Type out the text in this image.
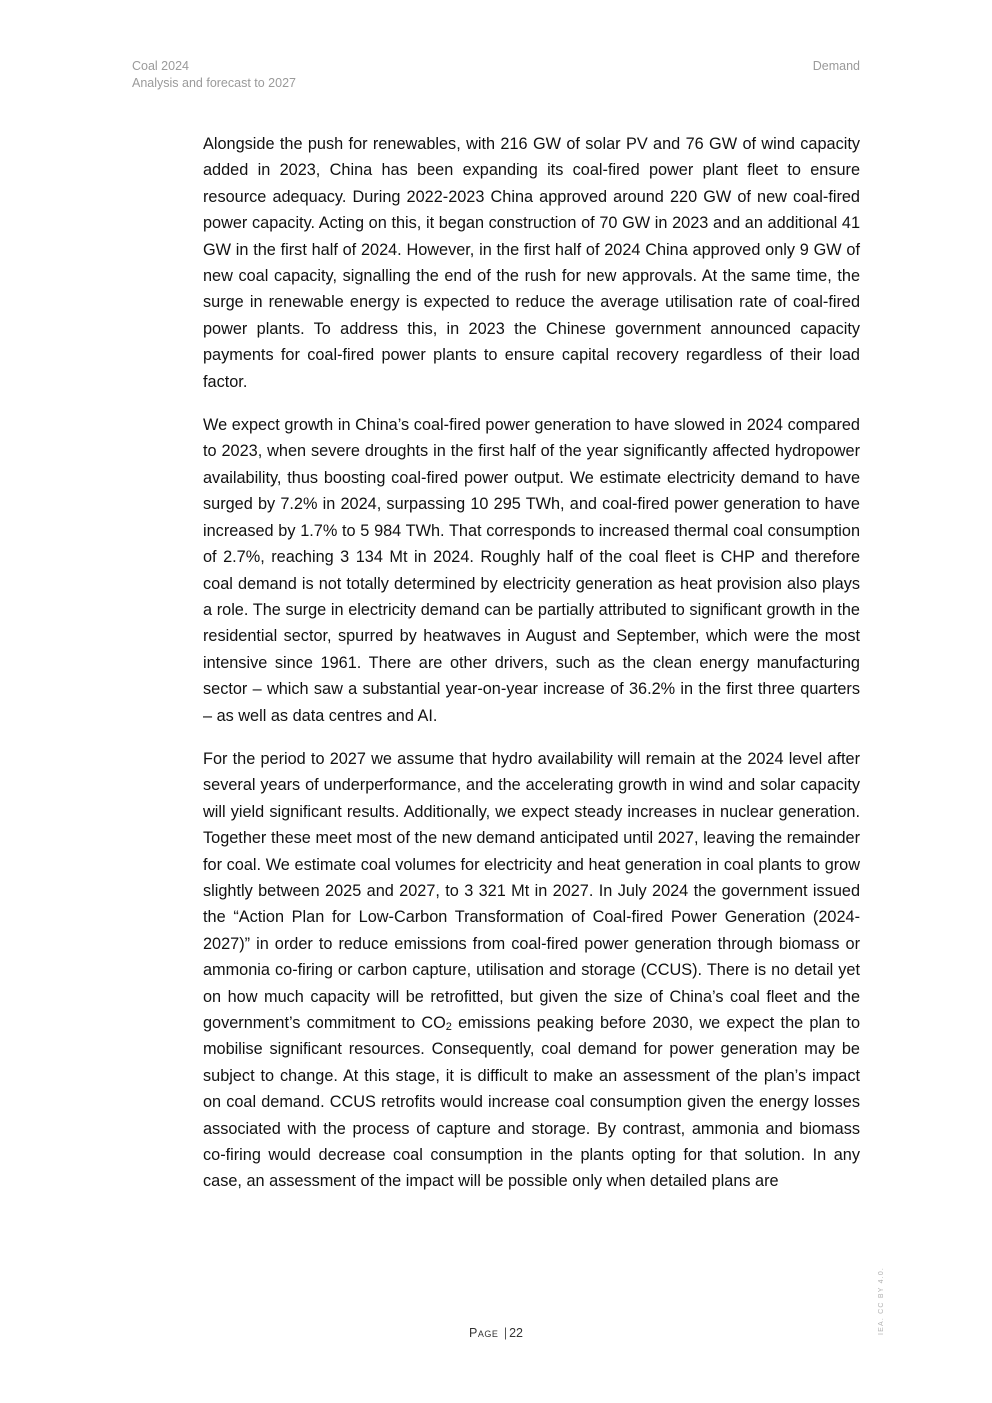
Coal 2024
Analysis and forecast to 2027
Demand

Alongside the push for renewables, with 216 GW of solar PV and 76 GW of wind capacity added in 2023, China has been expanding its coal-fired power plant fleet to ensure resource adequacy. During 2022-2023 China approved around 220 GW of new coal-fired power capacity. Acting on this, it began construction of 70 GW in 2023 and an additional 41 GW in the first half of 2024. However, in the first half of 2024 China approved only 9 GW of new coal capacity, signalling the end of the rush for new approvals. At the same time, the surge in renewable energy is expected to reduce the average utilisation rate of coal-fired power plants. To address this, in 2023 the Chinese government announced capacity payments for coal-fired power plants to ensure capital recovery regardless of their load factor.

We expect growth in China’s coal-fired power generation to have slowed in 2024 compared to 2023, when severe droughts in the first half of the year significantly affected hydropower availability, thus boosting coal-fired power output. We estimate electricity demand to have surged by 7.2% in 2024, surpassing 10 295 TWh, and coal-fired power generation to have increased by 1.7% to 5 984 TWh. That corresponds to increased thermal coal consumption of 2.7%, reaching 3 134 Mt in 2024. Roughly half of the coal fleet is CHP and therefore coal demand is not totally determined by electricity generation as heat provision also plays a role. The surge in electricity demand can be partially attributed to significant growth in the residential sector, spurred by heatwaves in August and September, which were the most intensive since 1961. There are other drivers, such as the clean energy manufacturing sector – which saw a substantial year-on-year increase of 36.2% in the first three quarters – as well as data centres and AI.

For the period to 2027 we assume that hydro availability will remain at the 2024 level after several years of underperformance, and the accelerating growth in wind and solar capacity will yield significant results. Additionally, we expect steady increases in nuclear generation. Together these meet most of the new demand anticipated until 2027, leaving the remainder for coal. We estimate coal volumes for electricity and heat generation in coal plants to grow slightly between 2025 and 2027, to 3 321 Mt in 2027. In July 2024 the government issued the “Action Plan for Low-Carbon Transformation of Coal-fired Power Generation (2024-2027)” in order to reduce emissions from coal-fired power generation through biomass or ammonia co-firing or carbon capture, utilisation and storage (CCUS). There is no detail yet on how much capacity will be retrofitted, but given the size of China’s coal fleet and the government’s commitment to CO2 emissions peaking before 2030, we expect the plan to mobilise significant resources. Consequently, coal demand for power generation may be subject to change. At this stage, it is difficult to make an assessment of the plan’s impact on coal demand. CCUS retrofits would increase coal consumption given the energy losses associated with the process of capture and storage. By contrast, ammonia and biomass co-firing would decrease coal consumption in the plants opting for that solution. In any case, an assessment of the impact will be possible only when detailed plans are

Page | 22	IEA. CC BY 4.0.
